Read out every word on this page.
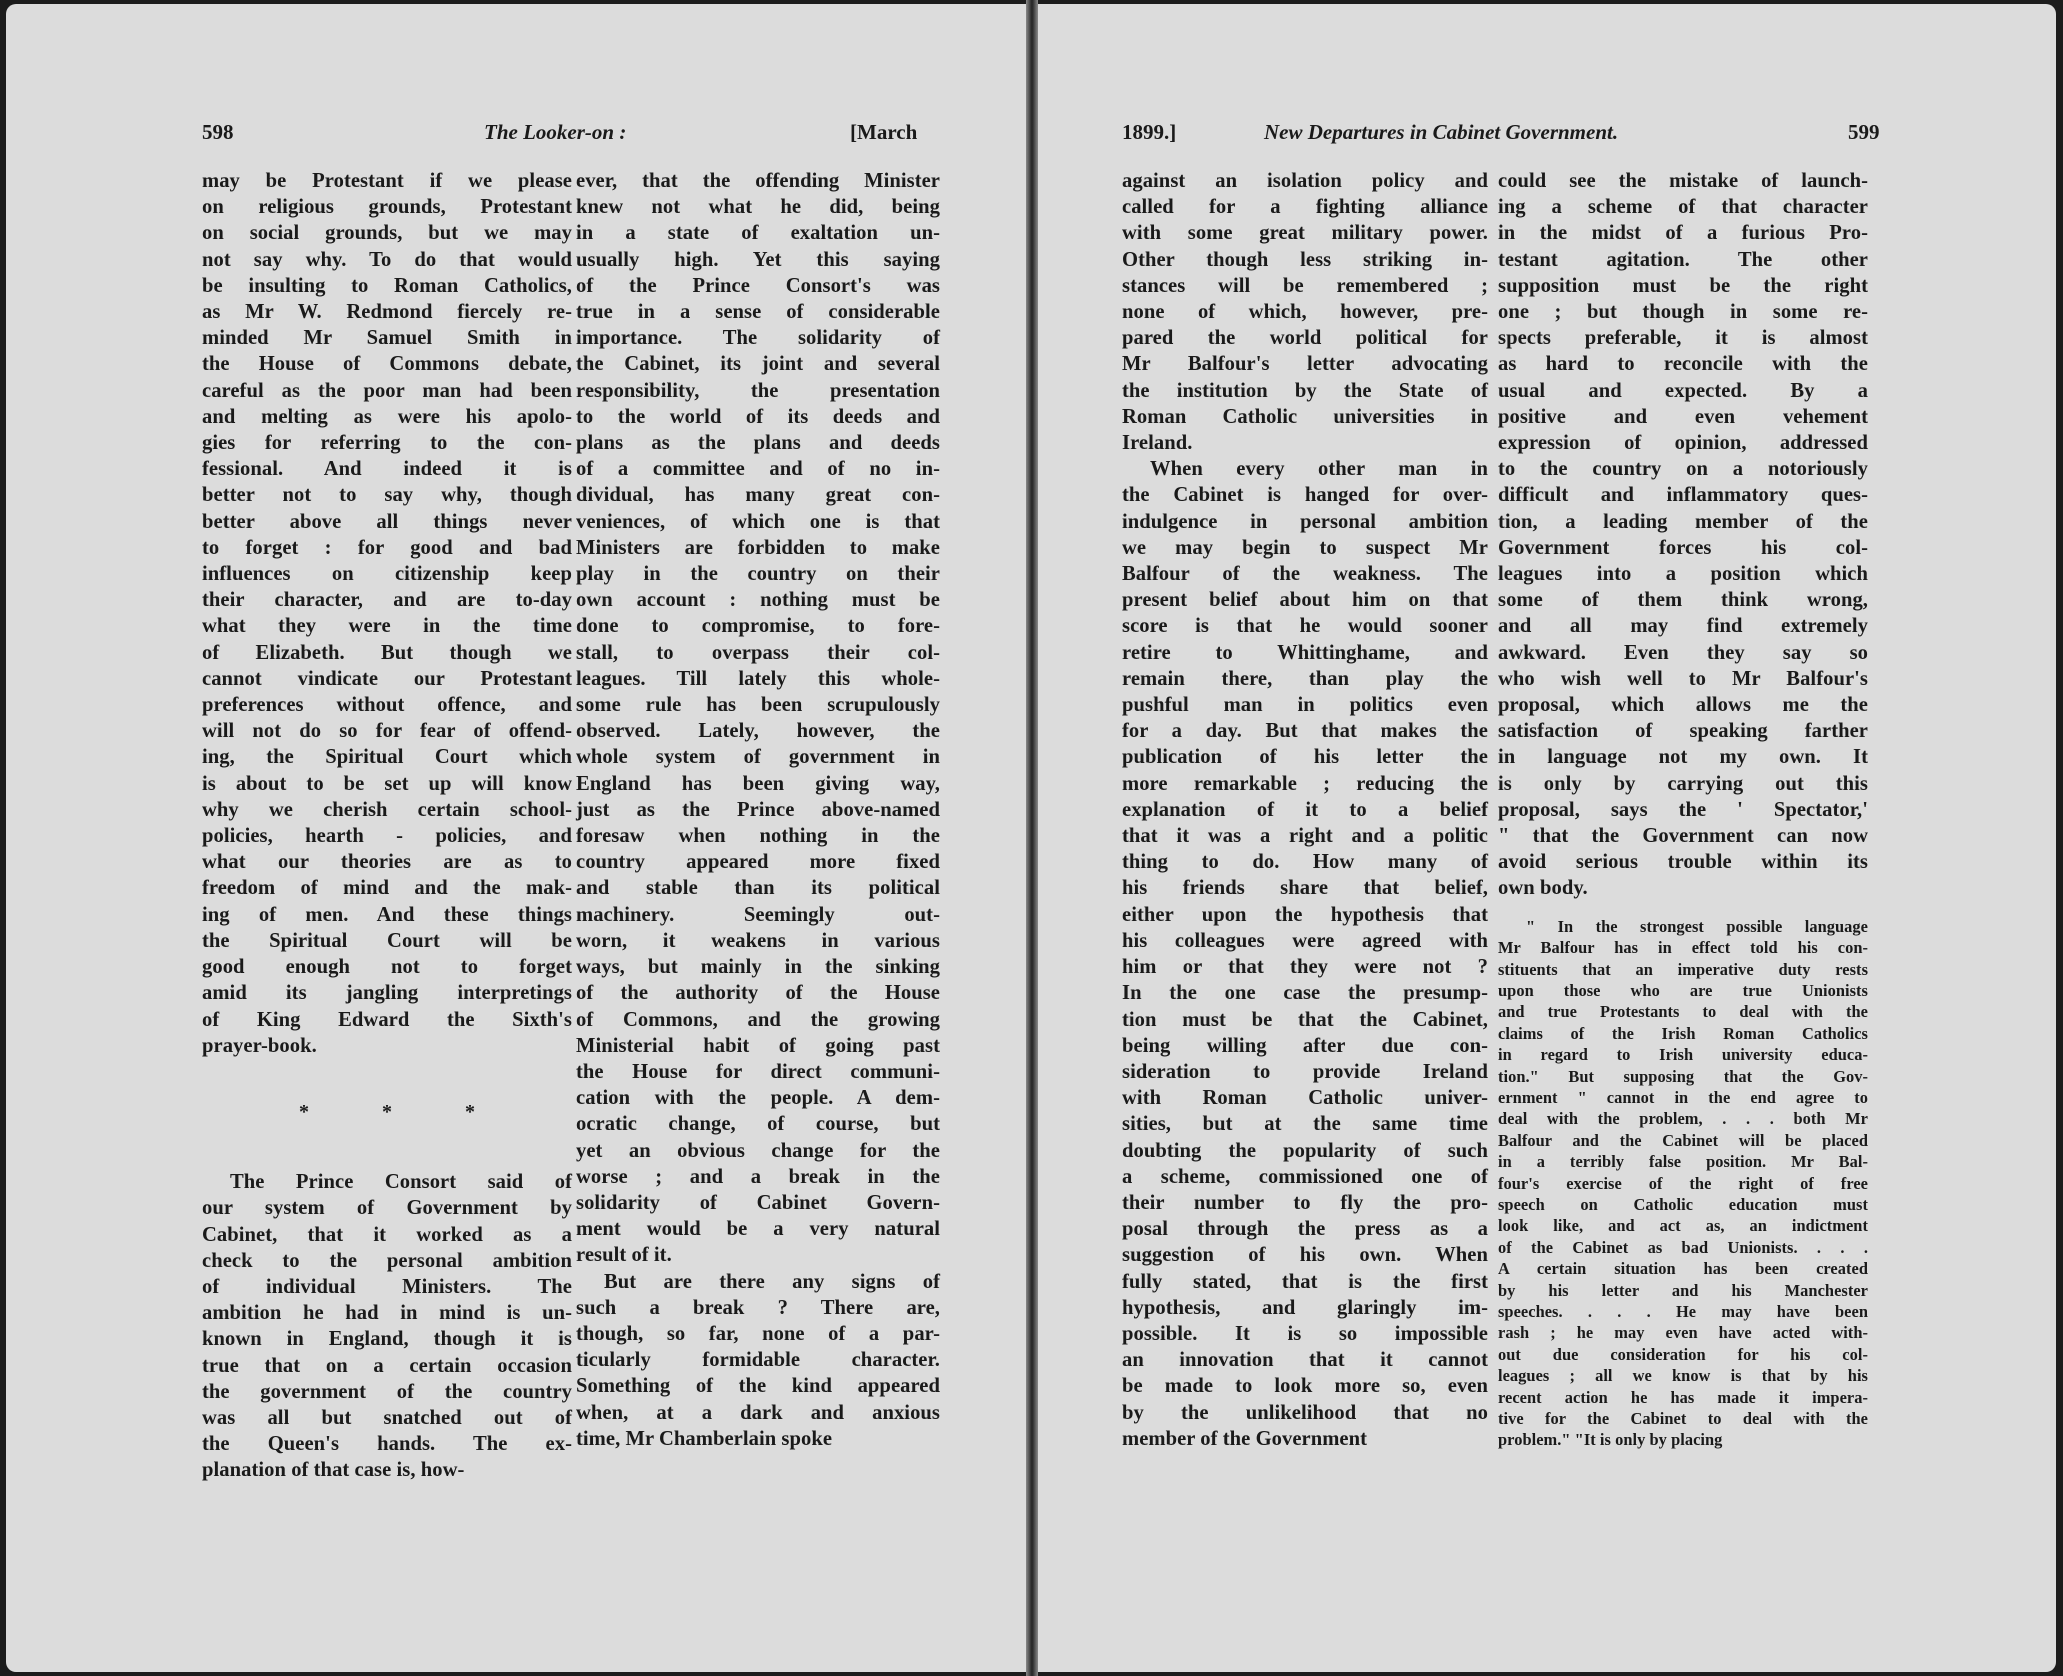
598	The Looker-on :	[March

may be Protestant if we please
on religious grounds, Protestant
on social grounds, but we may
not say why. To do that would
be insulting to Roman Catholics,
as Mr W. Redmond fiercely re-
minded Mr Samuel Smith in
the House of Commons debate,
careful as the poor man had been
and melting as were his apolo-
gies for referring to the con-
fessional. And indeed it is
better not to say why, though
better above all things never
to forget : for good and bad
influences on citizenship keep
their character, and are to-day
what they were in the time
of Elizabeth. But though we
cannot vindicate our Protestant
preferences without offence, and
will not do so for fear of offend-
ing, the Spiritual Court which
is about to be set up will know
why we cherish certain school-
policies, hearth - policies, and
what our theories are as to
freedom of mind and the mak-
ing of men. And these things
the Spiritual Court will be
good enough not to forget
amid its jangling interpretings
of King Edward the Sixth's
prayer-book.

* * *

The Prince Consort said of
our system of Government by
Cabinet, that it worked as a
check to the personal ambition
of individual Ministers. The
ambition he had in mind is un-
known in England, though it is
true that on a certain occasion
the government of the country
was all but snatched out of
the Queen's hands. The ex-
planation of that case is, how-

ever, that the offending Minister
knew not what he did, being
in a state of exaltation un-
usually high. Yet this saying
of the Prince Consort's was
true in a sense of considerable
importance. The solidarity of
the Cabinet, its joint and several
responsibility, the presentation
to the world of its deeds and
plans as the plans and deeds
of a committee and of no in-
dividual, has many great con-
veniences, of which one is that
Ministers are forbidden to make
play in the country on their
own account : nothing must be
done to compromise, to fore-
stall, to overpass their col-
leagues. Till lately this whole-
some rule has been scrupulously
observed. Lately, however, the
whole system of government in
England has been giving way,
just as the Prince above-named
foresaw when nothing in the
country appeared more fixed
and stable than its political
machinery. Seemingly out-
worn, it weakens in various
ways, but mainly in the sinking
of the authority of the House
of Commons, and the growing
Ministerial habit of going past
the House for direct communi-
cation with the people. A dem-
ocratic change, of course, but
yet an obvious change for the
worse ; and a break in the
solidarity of Cabinet Govern-
ment would be a very natural
result of it.

But are there any signs of
such a break ? There are,
though, so far, none of a par-
ticularly formidable character.
Something of the kind appeared
when, at a dark and anxious
time, Mr Chamberlain spoke

1899.]	New Departures in Cabinet Government.	599

against an isolation policy and
called for a fighting alliance
with some great military power.
Other though less striking in-
stances will be remembered ;
none of which, however, pre-
pared the world political for
Mr Balfour's letter advocating
the institution by the State of
Roman Catholic universities in
Ireland.

When every other man in
the Cabinet is hanged for over-
indulgence in personal ambition
we may begin to suspect Mr
Balfour of the weakness. The
present belief about him on that
score is that he would sooner
retire to Whittinghame, and
remain there, than play the
pushful man in politics even
for a day. But that makes the
publication of his letter the
more remarkable ; reducing the
explanation of it to a belief
that it was a right and a politic
thing to do. How many of
his friends share that belief,
either upon the hypothesis that
his colleagues were agreed with
him or that they were not ?
In the one case the presump-
tion must be that the Cabinet,
being willing after due con-
sideration to provide Ireland
with Roman Catholic univer-
sities, but at the same time
doubting the popularity of such
a scheme, commissioned one of
their number to fly the pro-
posal through the press as a
suggestion of his own. When
fully stated, that is the first
hypothesis, and glaringly im-
possible. It is so impossible
an innovation that it cannot
be made to look more so, even
by the unlikelihood that no
member of the Government

could see the mistake of launch-
ing a scheme of that character
in the midst of a furious Pro-
testant agitation. The other
supposition must be the right
one ; but though in some re-
spects preferable, it is almost
as hard to reconcile with the
usual and expected. By a
positive and even vehement
expression of opinion, addressed
to the country on a notoriously
difficult and inflammatory ques-
tion, a leading member of the
Government forces his col-
leagues into a position which
some of them think wrong,
and all may find extremely
awkward. Even they say so
who wish well to Mr Balfour's
proposal, which allows me the
satisfaction of speaking farther
in language not my own. It
is only by carrying out this
proposal, says the ' Spectator,'
" that the Government can now
avoid serious trouble within its
own body.

" In the strongest possible language
Mr Balfour has in effect told his con-
stituents that an imperative duty rests
upon those who are true Unionists
and true Protestants to deal with the
claims of the Irish Roman Catholics
in regard to Irish university educa-
tion." But supposing that the Gov-
ernment " cannot in the end agree to
deal with the problem, . . . both Mr
Balfour and the Cabinet will be placed
in a terribly false position. Mr Bal-
four's exercise of the right of free
speech on Catholic education must
look like, and act as, an indictment
of the Cabinet as bad Unionists. . . .
A certain situation has been created
by his letter and his Manchester
speeches. . . . He may have been
rash ; he may even have acted with-
out due consideration for his col-
leagues ; all we know is that by his
recent action he has made it impera-
tive for the Cabinet to deal with the
problem." "It is only by placing
